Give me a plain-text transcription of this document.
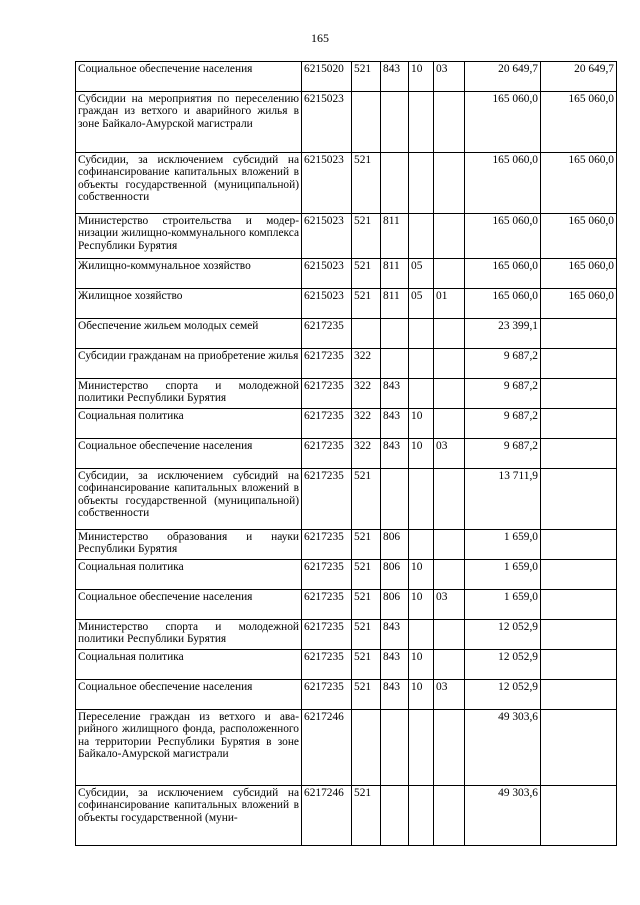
165
Социальное обеспечение населения	6215020	521	843	10	03	20 649,7	20 649,7
Субсидии на мероприятия по переселению граждан из ветхого и аварийного жилья в зоне Байкало-Амурской магистрали	6215023					165 060,0	165 060,0
Субсидии, за исключением субсидий на софинансирование капитальных вложений в объекты государственной (муниципальной) собственности	6215023	521				165 060,0	165 060,0
Министерство строительства и модернизации жилищно-коммунального комплекса Республики Бурятия	6215023	521	811			165 060,0	165 060,0
Жилищно-коммунальное хозяйство	6215023	521	811	05		165 060,0	165 060,0
Жилищное хозяйство	6215023	521	811	05	01	165 060,0	165 060,0
Обеспечение жильем молодых семей	6217235					23 399,1	
Субсидии гражданам на приобретение жилья	6217235	322				9 687,2	
Министерство спорта и молодежной политики Республики Бурятия	6217235	322	843			9 687,2	
Социальная политика	6217235	322	843	10		9 687,2	
Социальное обеспечение населения	6217235	322	843	10	03	9 687,2	
Субсидии, за исключением субсидий на софинансирование капитальных вложений в объекты государственной (муниципальной) собственности	6217235	521				13 711,9	
Министерство образования и науки Республики Бурятия	6217235	521	806			1 659,0	
Социальная политика	6217235	521	806	10		1 659,0	
Социальное обеспечение населения	6217235	521	806	10	03	1 659,0	
Министерство спорта и молодежной политики Республики Бурятия	6217235	521	843			12 052,9	
Социальная политика	6217235	521	843	10		12 052,9	
Социальное обеспечение населения	6217235	521	843	10	03	12 052,9	
Переселение граждан из ветхого и аварийного жилищного фонда, расположенного на территории Республики Бурятия в зоне Байкало-Амурской магистрали	6217246					49 303,6	
Субсидии, за исключением субсидий на софинансирование капитальных вложений в объекты государственной (муни-	6217246	521				49 303,6	
